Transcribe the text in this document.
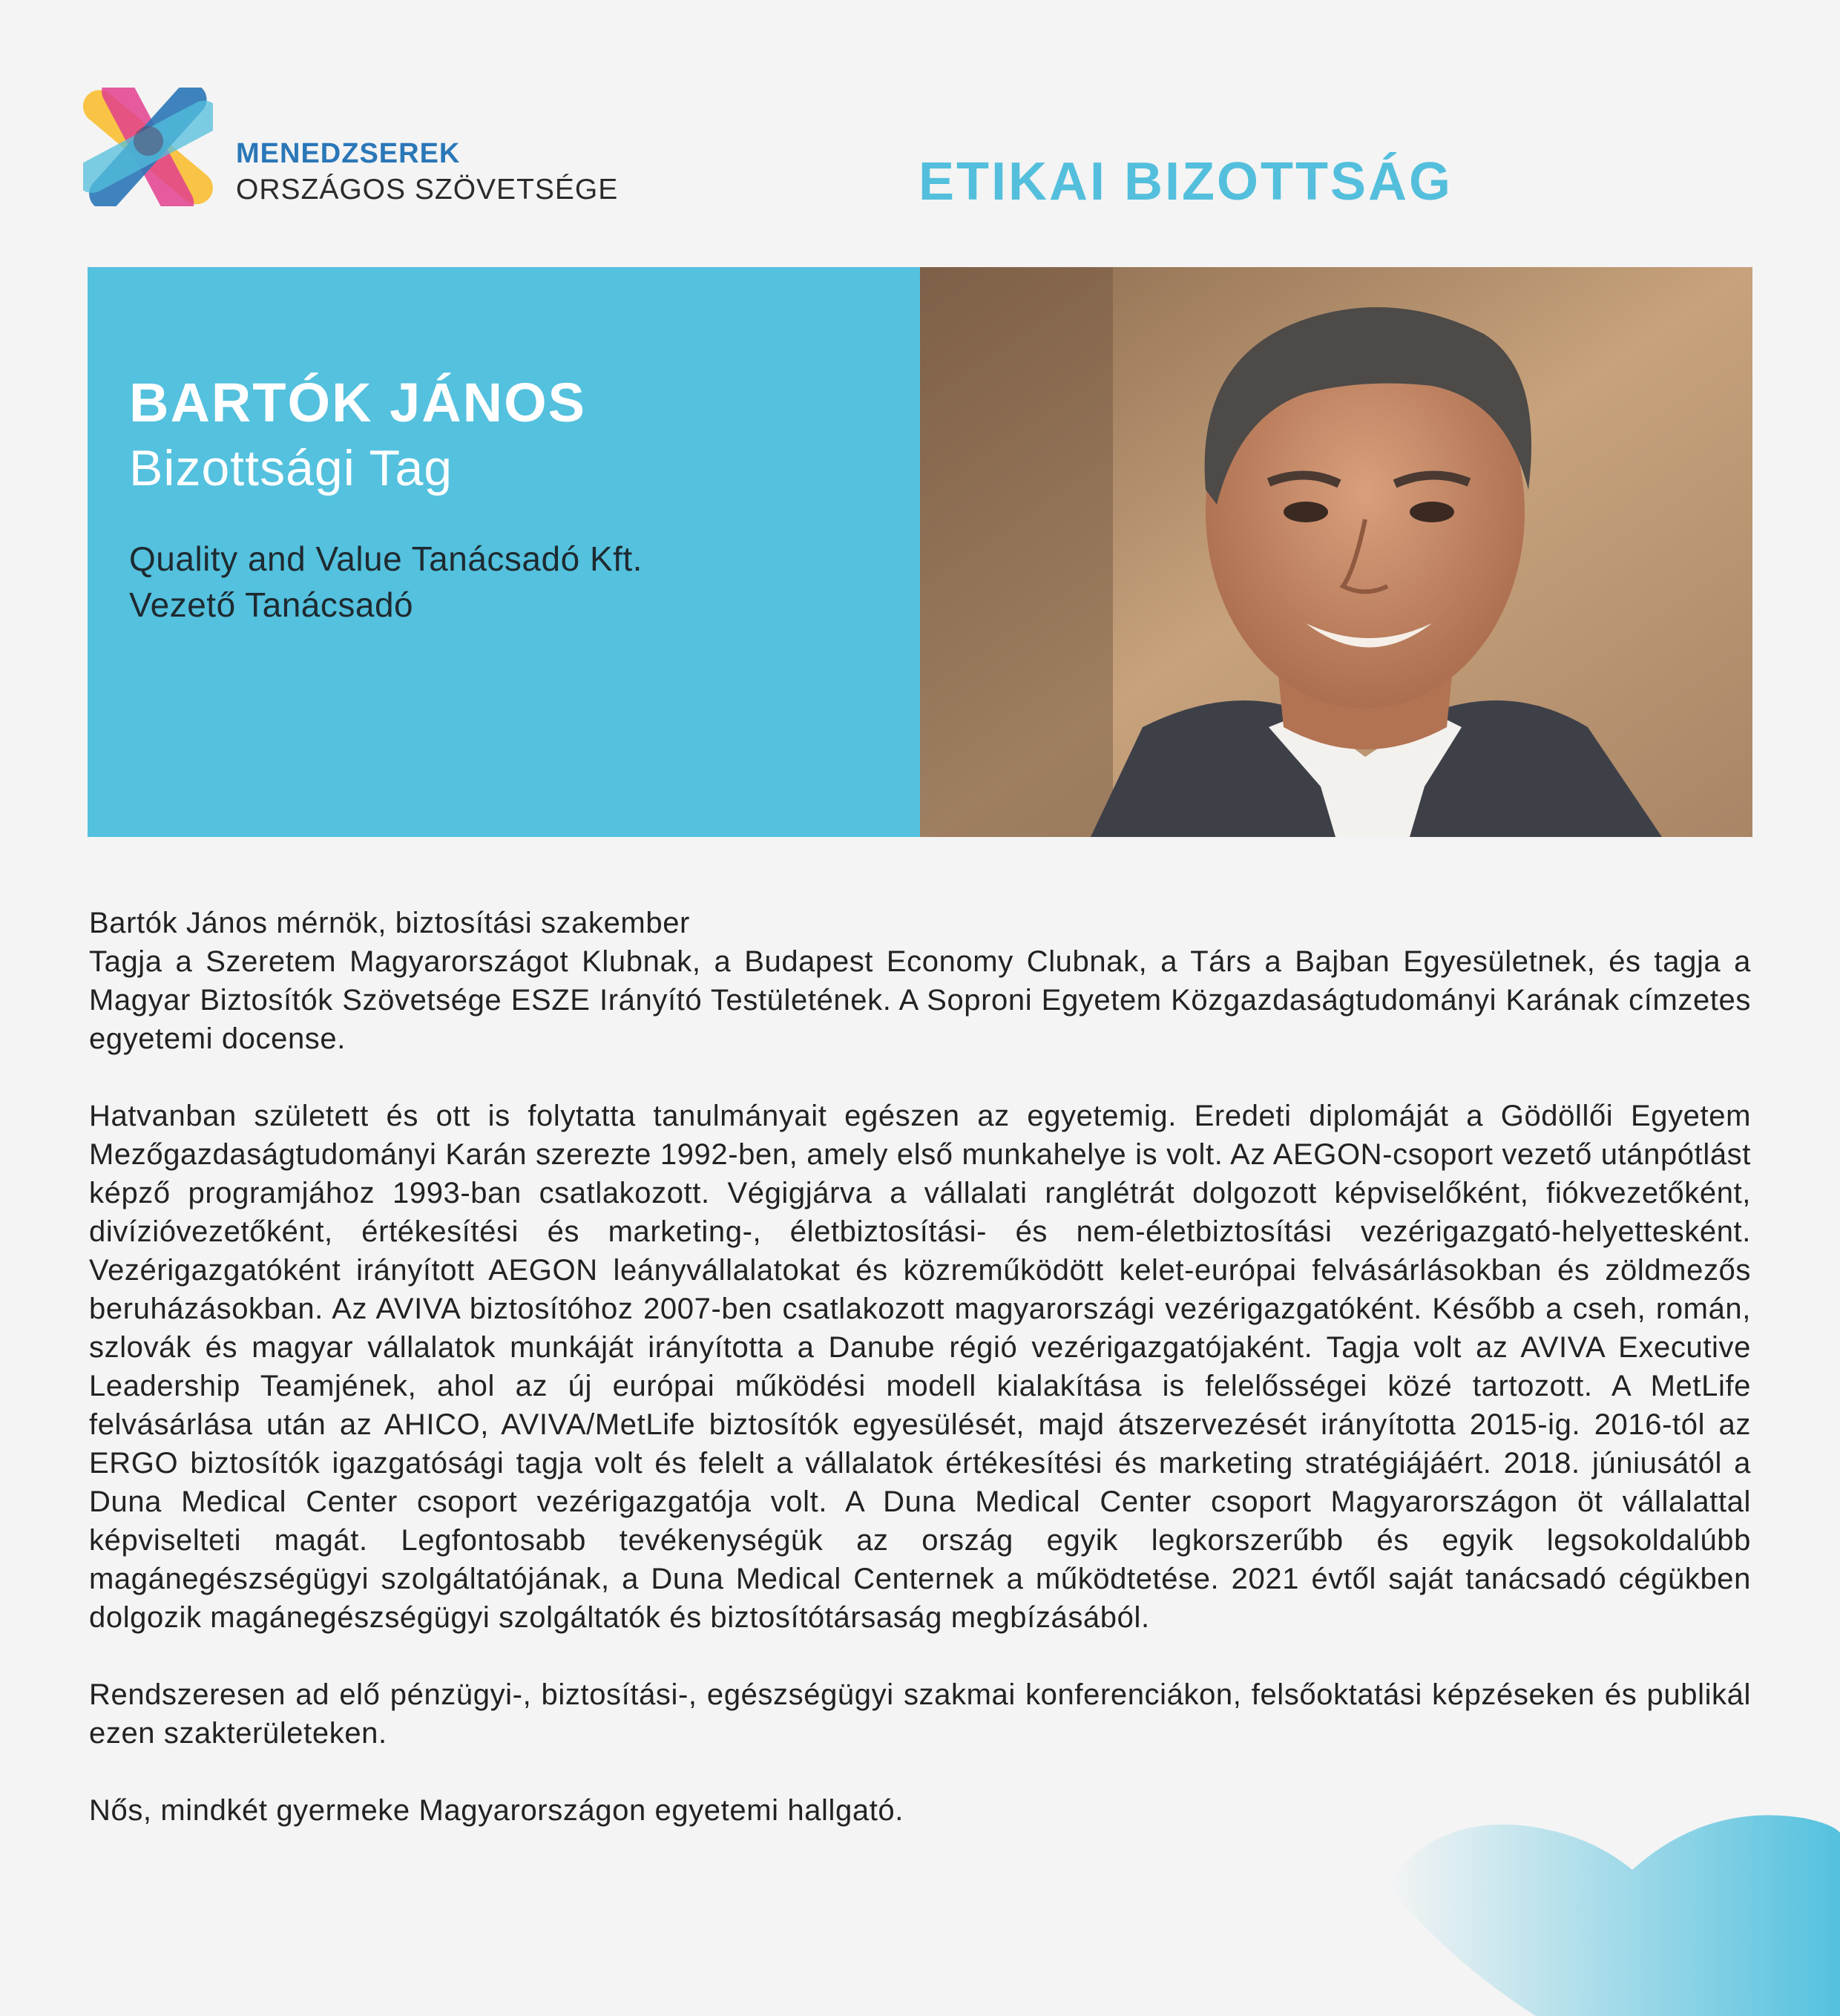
MENEDZSEREK
ORSZÁGOS SZÖVETSÉGE	ETIKAI BIZOTTSÁG
BARTÓK JÁNOS
Bizottsági Tag
Quality and Value Tanácsadó Kft.
Vezető Tanácsadó

Bartók János mérnök, biztosítási szakember
Tagja a Szeretem Magyarországot Klubnak, a Budapest Economy Clubnak, a Társ a Bajban Egyesületnek, és tagja a Magyar Biztosítók Szövetsége ESZE Irányító Testületének. A Soproni Egyetem Közgazdaságtudományi Karának címzetes egyetemi docense.

Hatvanban született és ott is folytatta tanulmányait egészen az egyetemig. Eredeti diplomáját a Gödöllői Egyetem Mezőgazdaságtudományi Karán szerezte 1992-ben, amely első munkahelye is volt. Az AEGON-csoport vezető utánpótlást képző programjához 1993-ban csatlakozott. Végigjárva a vállalati ranglétrát dolgozott képviselőként, fiókvezetőként, divízióvezetőként, értékesítési és marketing-, életbiztosítási- és nem-életbiztosítási vezérigazgató-helyettesként. Vezérigazgatóként irányított AEGON leányvállalatokat és közreműködött kelet-európai felvásárlásokban és zöldmezős beruházásokban. Az AVIVA biztosítóhoz 2007-ben csatlakozott magyarországi vezérigazgatóként. Később a cseh, román, szlovák és magyar vállalatok munkáját irányította a Danube régió vezérigazgatójaként. Tagja volt az AVIVA Executive Leadership Teamjének, ahol az új európai működési modell kialakítása is felelősségei közé tartozott. A MetLife felvásárlása után az AHICO, AVIVA/MetLife biztosítók egyesülését, majd átszervezését irányította 2015-ig. 2016-tól az ERGO biztosítók igazgatósági tagja volt és felelt a vállalatok értékesítési és marketing stratégiájáért. 2018. júniusától a Duna Medical Center csoport vezérigazgatója volt. A Duna Medical Center csoport Magyarországon öt vállalattal képviselteti magát. Legfontosabb tevékenységük az ország egyik legkorszerűbb és egyik legsokoldalúbb magánegészségügyi szolgáltatójának, a Duna Medical Centernek a működtetése. 2021 évtől saját tanácsadó cégükben dolgozik magánegészségügyi szolgáltatók és biztosítótársaság megbízásából.

Rendszeresen ad elő pénzügyi-, biztosítási-, egészségügyi szakmai konferenciákon, felsőoktatási képzéseken és publikál ezen szakterületeken.

Nős, mindkét gyermeke Magyarországon egyetemi hallgató.
